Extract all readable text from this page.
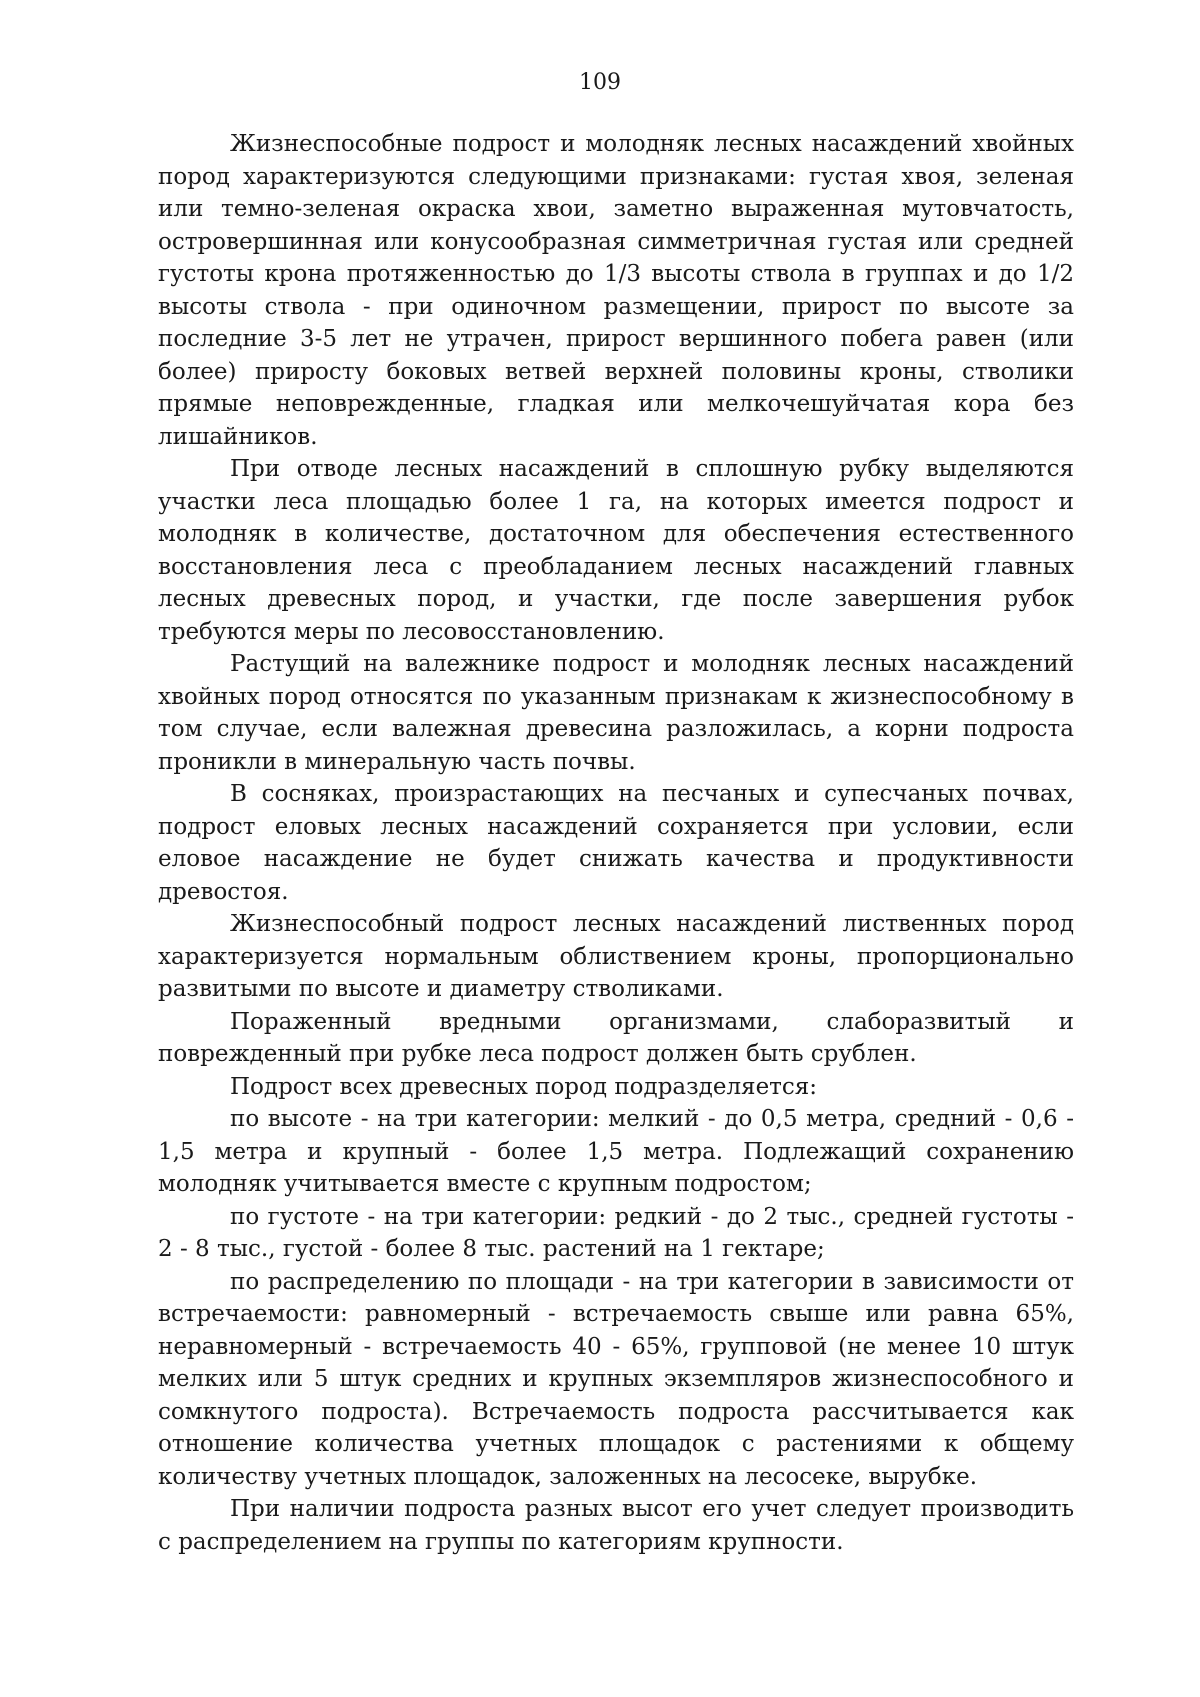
109

Жизнеспособные подрост и молодняк лесных насаждений хвойных пород характеризуются следующими признаками: густая хвоя, зеленая или темно-зеленая окраска хвои, заметно выраженная мутовчатость, островершинная или конусообразная симметричная густая или средней густоты крона протяженностью до 1/3 высоты ствола в группах и до 1/2 высоты ствола - при одиночном размещении, прирост по высоте за последние 3-5 лет не утрачен, прирост вершинного побега равен (или более) приросту боковых ветвей верхней половины кроны, стволики прямые неповрежденные, гладкая или мелкочешуйчатая кора без лишайников.

При отводе лесных насаждений в сплошную рубку выделяются участки леса площадью более 1 га, на которых имеется подрост и молодняк в количестве, достаточном для обеспечения естественного восстановления леса с преобладанием лесных насаждений главных лесных древесных пород, и участки, где после завершения рубок требуются меры по лесовосстановлению.

Растущий на валежнике подрост и молодняк лесных насаждений хвойных пород относятся по указанным признакам к жизнеспособному в том случае, если валежная древесина разложилась, а корни подроста проникли в минеральную часть почвы.

В сосняках, произрастающих на песчаных и супесчаных почвах, подрост еловых лесных насаждений сохраняется при условии, если еловое насаждение не будет снижать качества и продуктивности древостоя.

Жизнеспособный подрост лесных насаждений лиственных пород характеризуется нормальным облиствением кроны, пропорционально развитыми по высоте и диаметру стволиками.

Пораженный вредными организмами, слаборазвитый и поврежденный при рубке леса подрост должен быть срублен.

Подрост всех древесных пород подразделяется:

по высоте - на три категории: мелкий - до 0,5 метра, средний - 0,6 - 1,5 метра и крупный - более 1,5 метра. Подлежащий сохранению молодняк учитывается вместе с крупным подростом;

по густоте - на три категории: редкий - до 2 тыс., средней густоты - 2 - 8 тыс., густой - более 8 тыс. растений на 1 гектаре;

по распределению по площади - на три категории в зависимости от встречаемости: равномерный - встречаемость свыше или равна 65%, неравномерный - встречаемость 40 - 65%, групповой (не менее 10 штук мелких или 5 штук средних и крупных экземпляров жизнеспособного и сомкнутого подроста). Встречаемость подроста рассчитывается как отношение количества учетных площадок с растениями к общему количеству учетных площадок, заложенных на лесосеке, вырубке.

При наличии подроста разных высот его учет следует производить с распределением на группы по категориям крупности.
